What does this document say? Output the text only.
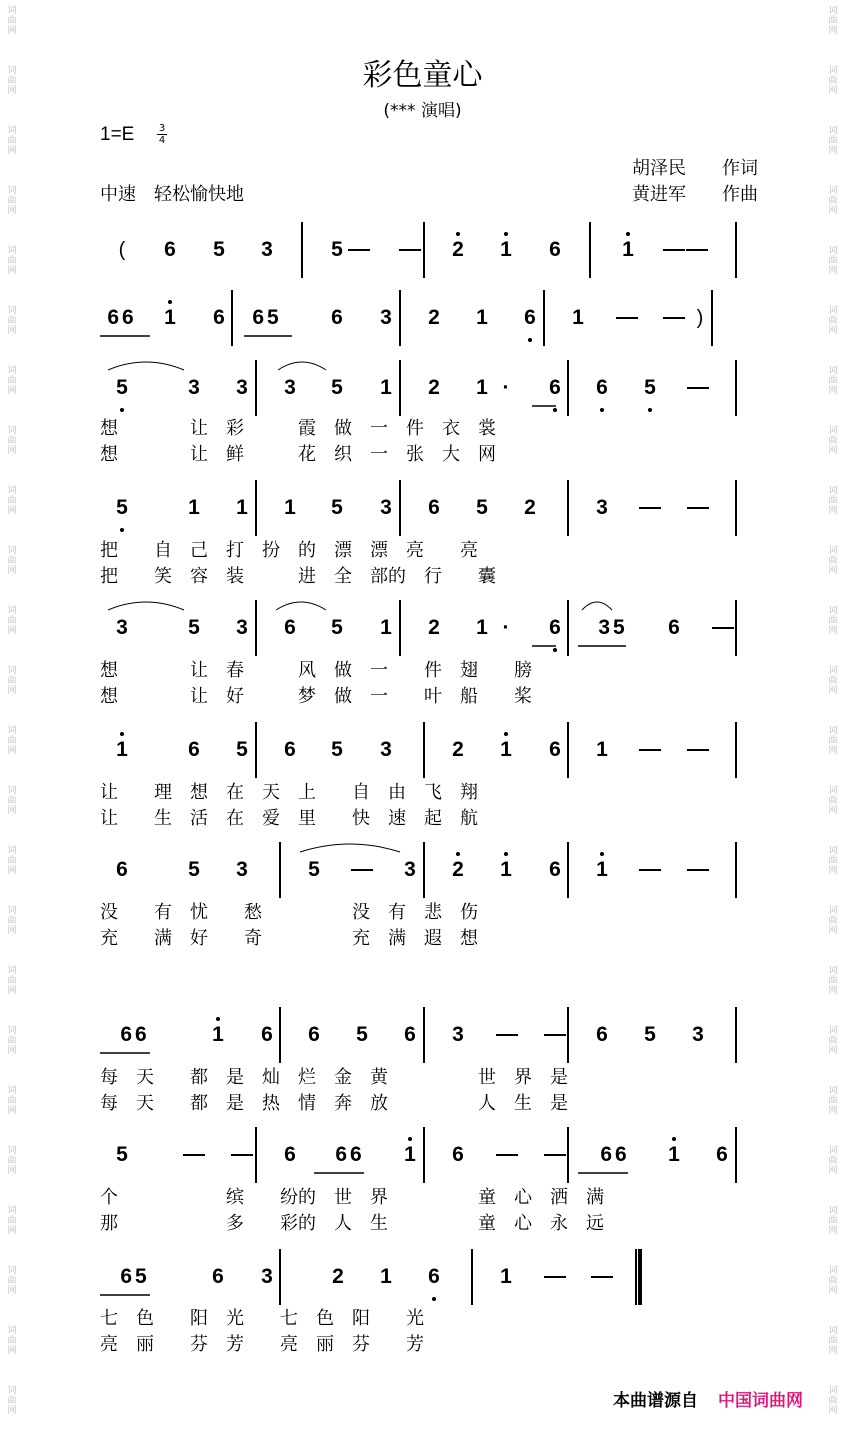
词
曲
网
词
曲
网
词
曲
网
词
曲
网
词
曲
网
词
曲
网
词
曲
网
词
曲
网
词
曲
网
词
曲
网
词
曲
网
词
曲
网
词
曲
网
词
曲
网
词
曲
网
词
曲
网
词
曲
网
词
曲
网
词
曲
网
词
曲
网
词
曲
网
词
曲
网
词
曲
网
词
曲
网
词
曲
网
词
曲
网
词
曲
网
词
曲
网
词
曲
网
词
曲
网
词
曲
网
词
曲
网
词
曲
网
词
曲
网
词
曲
网
词
曲
网
词
曲
网
词
曲
网
词
曲
网
词
曲
网
词
曲
网
词
曲
网
词
曲
网
词
曲
网
词
曲
网
词
曲
网
词
曲
网
词
曲
网
彩色童心
(*** 演唱)
1=E 3
4
胡泽民 作词
黄进军 作曲
中速　轻松愉快地
(	6 5 3	5	2 1 6	1
66	1 6	65	6 3 2 1 6 1	)
5	3 3 3 5 1 2 1 ·	6 6 5
5	1 1 1 5 3 6 5 2	3
3	5 3 6 5 1 2 1 ·	6	35	6
1	6 5 6 5 3	2 1 6 1
6	5 3	5	3 2 1 6 1
66	1 6 6 5 6 3	6 5 3
5	6	66	1 6	66	1 6
65	6 3	2 1 6	1	:
想　　　　让　彩　　　霞　做　一　件　衣　裳
想　　　　让　鲜　　　花　织　一　张　大　网
把　　自　己　打　扮　的　漂　漂　亮　　亮
把　　笑　容　装　　　进　全　部的　行　　囊
想　　　　让　春　　　风　做　一　　件　翅　　膀
想　　　　让　好　　　梦　做　一　　叶　船　　桨
让　　理　想　在　天　上　　自　由　飞　翔
让　　生　活　在　爱　里　　快　速　起　航
没　　有　忧　　愁　　　　　没　有　悲　伤
充　　满　好　　奇　　　　　充　满　遐　想
每　天　　都　是　灿　烂　金　黄　　　　　世　界　是
每　天　　都　是　热　情　奔　放　　　　　人　生　是
个　　　　　　缤　　纷的　世　界　　　　　童　心　洒　满
那　　　　　　多　　彩的　人　生　　　　　童　心　永　远
七　色　　阳　光　　七　色　阳　　光
亮　丽　　芬　芳　　亮　丽　芬　　芳
本曲谱源自 中国词曲网
